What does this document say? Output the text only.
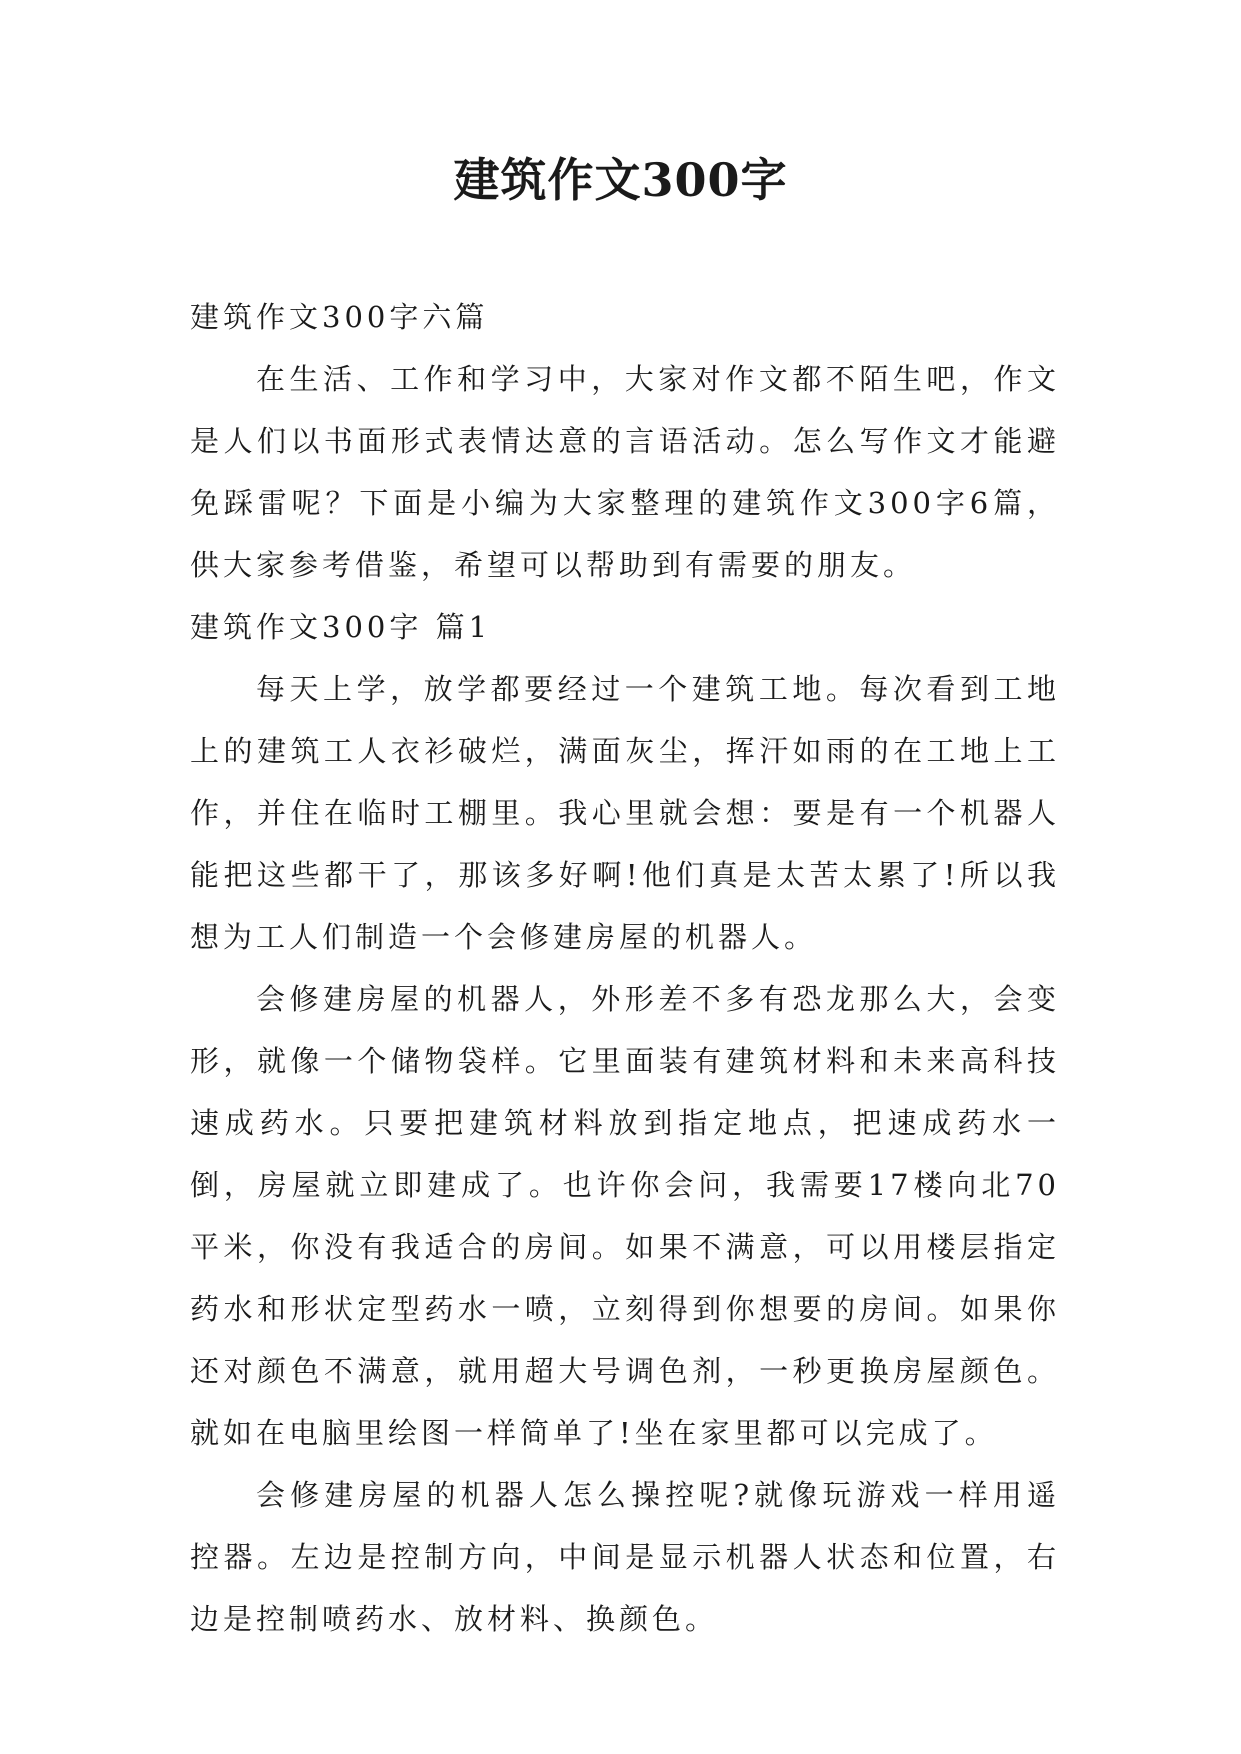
建筑作文300字

建筑作文300字六篇

在生活、工作和学习中，大家对作文都不陌生吧，作文是人们以书面形式表情达意的言语活动。怎么写作文才能避免踩雷呢？下面是小编为大家整理的建筑作文300字6篇，供大家参考借鉴，希望可以帮助到有需要的朋友。

建筑作文300字 篇1

每天上学，放学都要经过一个建筑工地。每次看到工地上的建筑工人衣衫破烂，满面灰尘，挥汗如雨的在工地上工作，并住在临时工棚里。我心里就会想：要是有一个机器人能把这些都干了，那该多好啊!他们真是太苦太累了!所以我想为工人们制造一个会修建房屋的机器人。

会修建房屋的机器人，外形差不多有恐龙那么大，会变形，就像一个储物袋样。它里面装有建筑材料和未来高科技速成药水。只要把建筑材料放到指定地点，把速成药水一倒，房屋就立即建成了。也许你会问，我需要17楼向北70平米，你没有我适合的房间。如果不满意，可以用楼层指定药水和形状定型药水一喷，立刻得到你想要的房间。如果你还对颜色不满意，就用超大号调色剂，一秒更换房屋颜色。就如在电脑里绘图一样简单了!坐在家里都可以完成了。

会修建房屋的机器人怎么操控呢?就像玩游戏一样用遥控器。左边是控制方向，中间是显示机器人状态和位置，右边是控制喷药水、放材料、换颜色。
